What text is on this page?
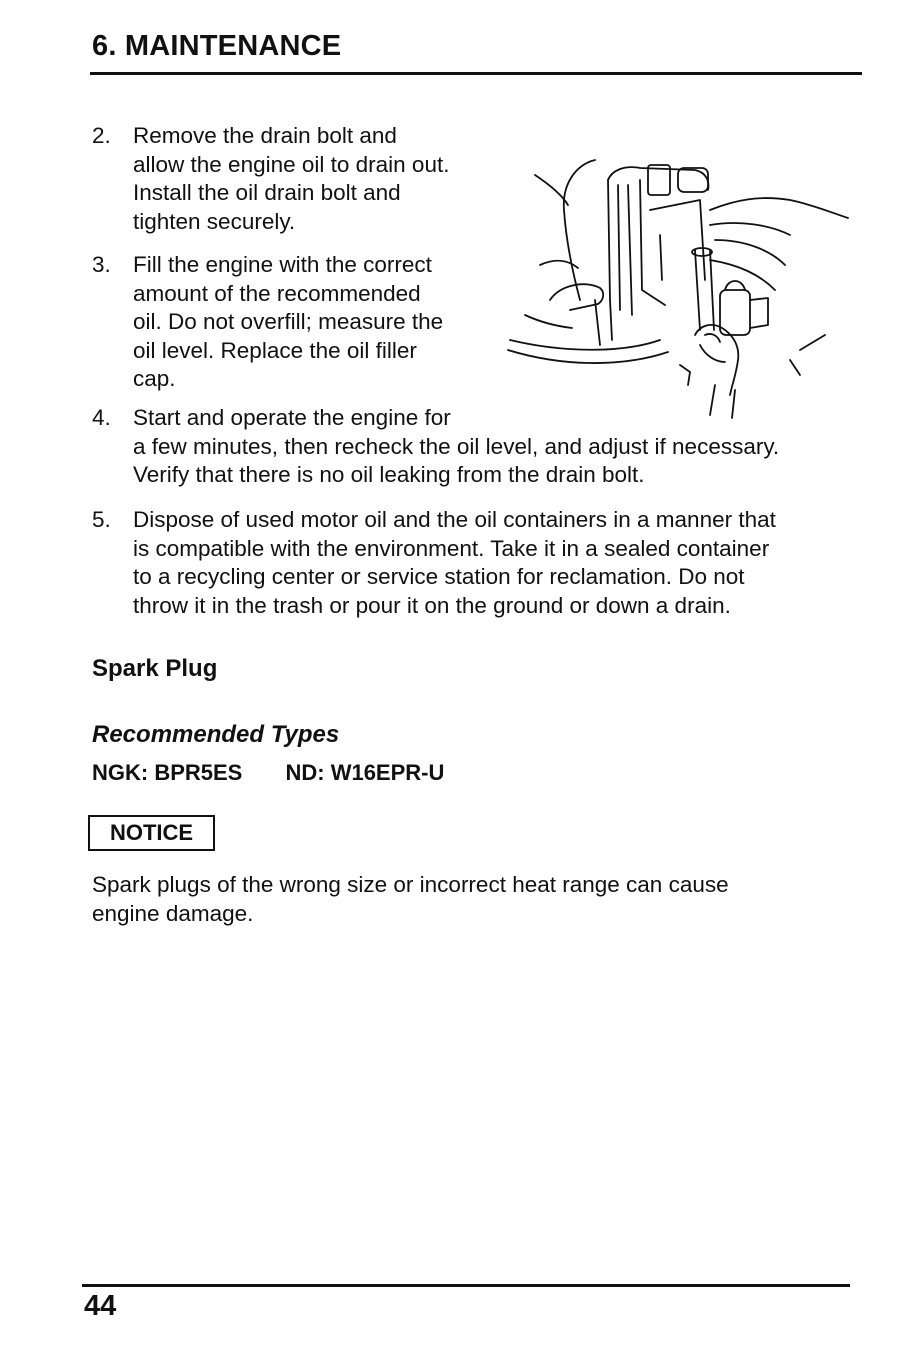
6. MAINTENANCE
2. Remove the drain bolt and
allow the engine oil to drain out.
Install the oil drain bolt and
tighten securely.
3. Fill the engine with the correct
amount of the recommended
oil. Do not overfill; measure the
oil level. Replace the oil filler
cap.
4. Start and operate the engine for
a few minutes, then recheck the oil level, and adjust if necessary.
Verify that there is no oil leaking from the drain bolt.
5. Dispose of used motor oil and the oil containers in a manner that
is compatible with the environment. Take it in a sealed container
to a recycling center or service station for reclamation. Do not
throw it in the trash or pour it on the ground or down a drain.
Spark Plug
Recommended Types
NGK: BPR5ES ND: W16EPR-U
NOTICE
Spark plugs of the wrong size or incorrect heat range can cause
engine damage.
44
